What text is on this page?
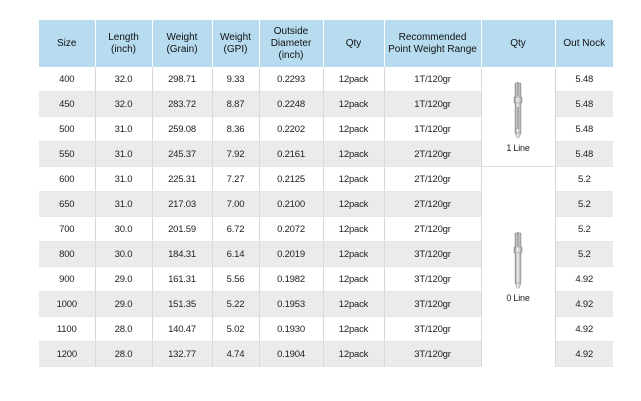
Size	Length (inch)	Weight (Grain)	Weight (GPI)	Outside Diameter (inch)	Qty	Recommended Point Weight Range	Qty	Out Nock
400	32.0	298.71	9.33	0.2293	12pack	1T/120gr	1 Line	5.48
450	32.0	283.72	8.87	0.2248	12pack	1T/120gr		5.48
500	31.0	259.08	8.36	0.2202	12pack	1T/120gr		5.48
550	31.0	245.37	7.92	0.2161	12pack	2T/120gr		5.48
600	31.0	225.31	7.27	0.2125	12pack	2T/120gr	0 Line	5.2
650	31.0	217.03	7.00	0.2100	12pack	2T/120gr		5.2
700	30.0	201.59	6.72	0.2072	12pack	2T/120gr		5.2
800	30.0	184.31	6.14	0.2019	12pack	3T/120gr		5.2
900	29.0	161.31	5.56	0.1982	12pack	3T/120gr		4.92
1000	29.0	151.35	5.22	0.1953	12pack	3T/120gr		4.92
1100	28.0	140.47	5.02	0.1930	12pack	3T/120gr		4.92
1200	28.0	132.77	4.74	0.1904	12pack	3T/120gr		4.92
